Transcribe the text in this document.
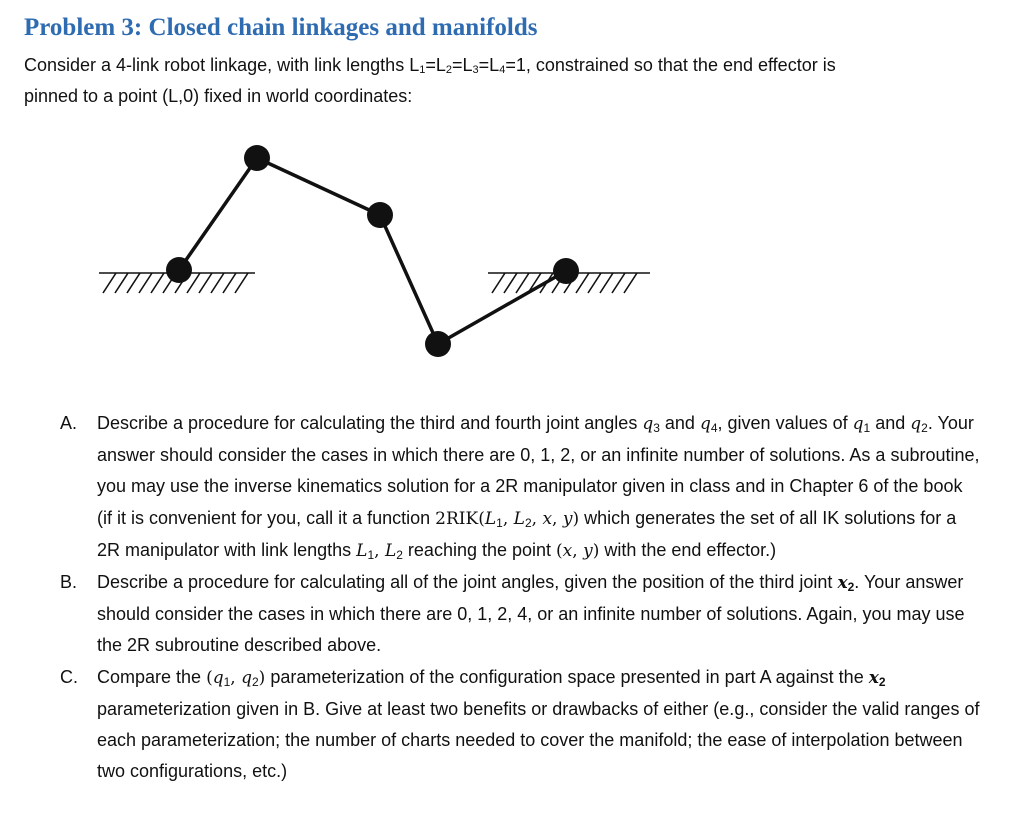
Problem 3: Closed chain linkages and manifolds
Consider a 4-link robot linkage, with link lengths $L_1=L_2=L_3=L_4=1$, constrained so that the end effector is
pinned to a point (L,0) fixed in world coordinates:
A. Describe a procedure for calculating the third and fourth joint angles $q_3$ and $q_4$, given values of $q_1$ and $q_2$. Your answer should consider the cases in which there are 0, 1, 2, or an infinite number of solutions. As a subroutine, you may use the inverse kinematics solution for a 2R manipulator given in class and in Chapter 6 of the book (if it is convenient for you, call it a function $2RIK(L_1$, $L_2$, x, y) which generates the set of all IK solutions for a 2R manipulator with link lengths $L_1$, $L_2$ reaching the point (x, y) with the end effector.)
B. Describe a procedure for calculating all of the joint angles, given the position of the third joint $x_2$. Your answer should consider the cases in which there are 0, 1, 2, 4, or an infinite number of solutions. Again, you may use the 2R subroutine described above.
C. Compare the ($q_1$, $q_2$) parameterization of the configuration space presented in part A against the $x_2$ parameterization given in B. Give at least two benefits or drawbacks of either (e.g., consider the valid ranges of each parameterization; the number of charts needed to cover the manifold; the ease of interpolation between two configurations, etc.)
